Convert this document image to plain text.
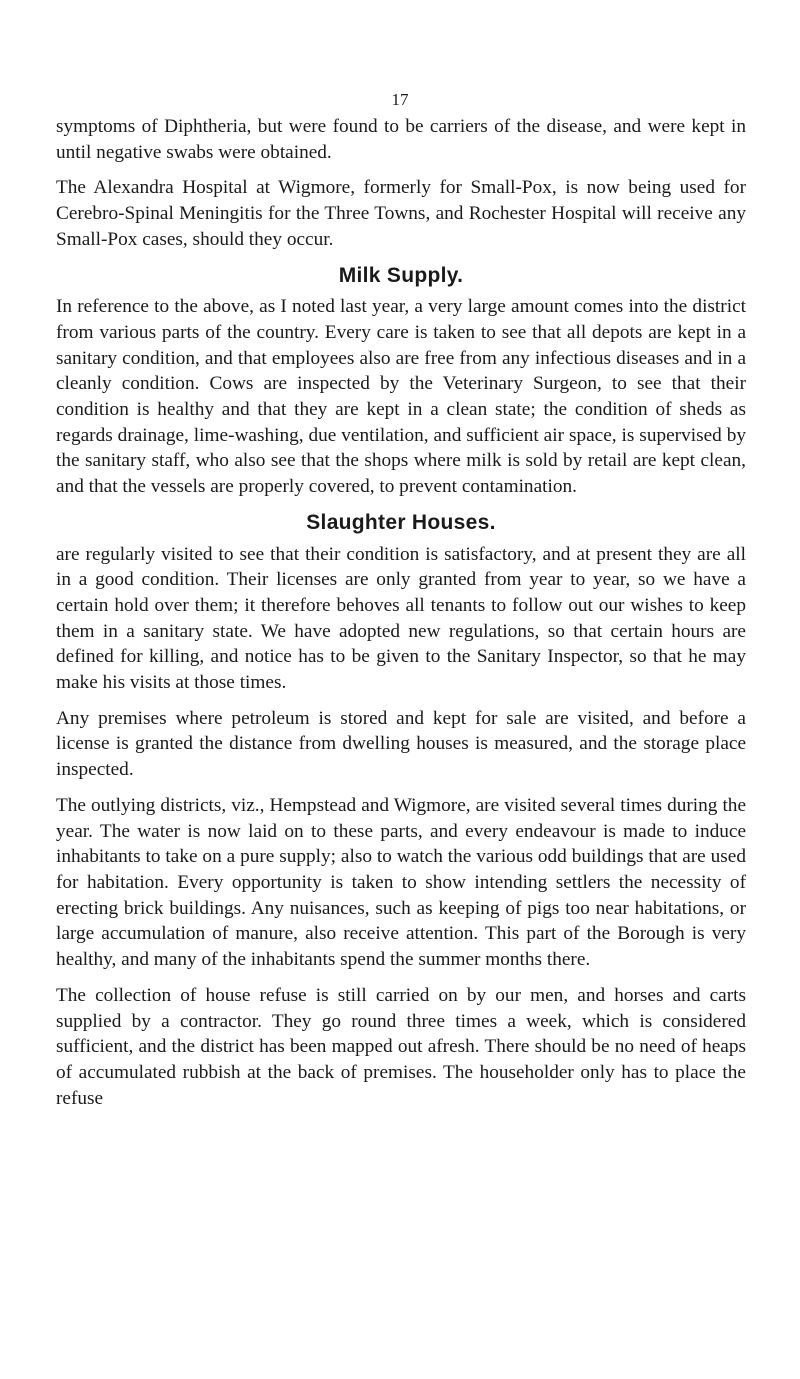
17

symptoms of Diphtheria, but were found to be carriers of the disease, and were kept in until negative swabs were obtained.

The Alexandra Hospital at Wigmore, formerly for Small-Pox, is now being used for Cerebro-Spinal Meningitis for the Three Towns, and Rochester Hospital will receive any Small-Pox cases, should they occur.

Milk Supply.

In reference to the above, as I noted last year, a very large amount comes into the district from various parts of the country. Every care is taken to see that all depots are kept in a sanitary condition, and that employees also are free from any infectious diseases and in a cleanly condition. Cows are inspected by the Veterinary Surgeon, to see that their condition is healthy and that they are kept in a clean state; the condition of sheds as regards drainage, lime-washing, due ventilation, and sufficient air space, is supervised by the sanitary staff, who also see that the shops where milk is sold by retail are kept clean, and that the vessels are properly covered, to prevent contamination.

Slaughter Houses.

are regularly visited to see that their condition is satisfactory, and at present they are all in a good condition. Their licenses are only granted from year to year, so we have a certain hold over them; it therefore behoves all tenants to follow out our wishes to keep them in a sanitary state. We have adopted new regulations, so that certain hours are defined for killing, and notice has to be given to the Sanitary Inspector, so that he may make his visits at those times.

Any premises where petroleum is stored and kept for sale are visited, and before a license is granted the distance from dwelling houses is measured, and the storage place inspected.

The outlying districts, viz., Hempstead and Wigmore, are visited several times during the year. The water is now laid on to these parts, and every endeavour is made to induce inhabitants to take on a pure supply; also to watch the various odd buildings that are used for habitation. Every opportunity is taken to show intending settlers the necessity of erecting brick buildings. Any nuisances, such as keeping of pigs too near habitations, or large accumulation of manure, also receive attention. This part of the Borough is very healthy, and many of the inhabitants spend the summer months there.

The collection of house refuse is still carried on by our men, and horses and carts supplied by a contractor. They go round three times a week, which is considered sufficient, and the district has been mapped out afresh. There should be no need of heaps of accumulated rubbish at the back of premises. The householder only has to place the refuse
